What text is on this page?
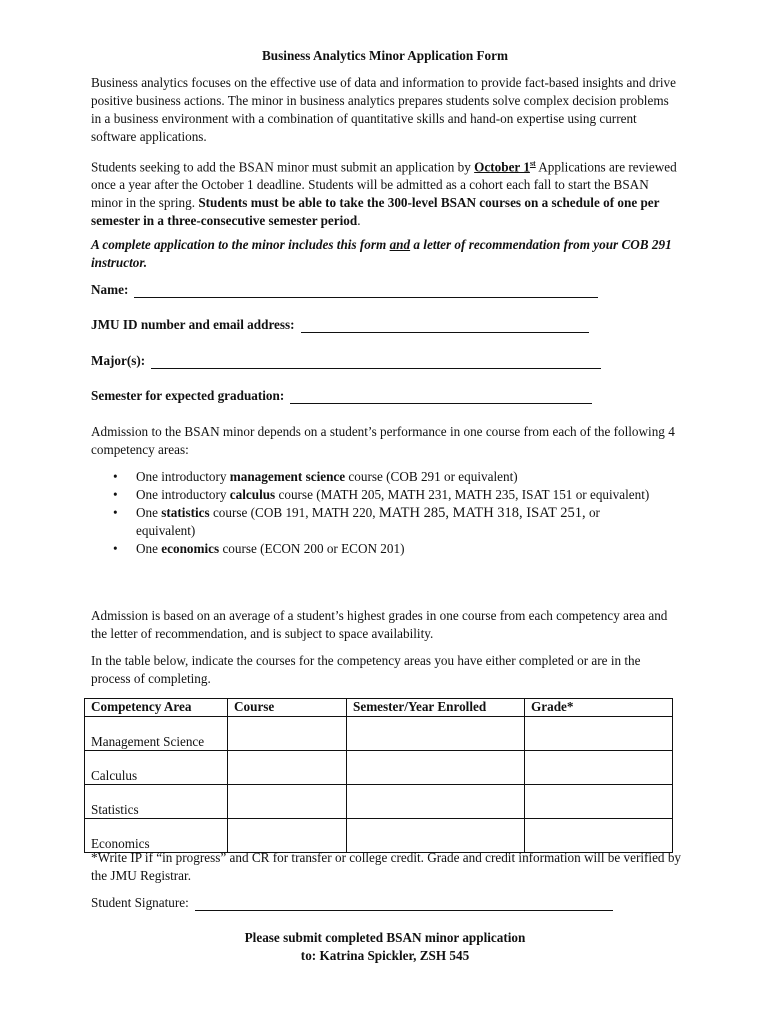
Business Analytics Minor Application Form
Business analytics focuses on the effective use of data and information to provide fact-based insights and drive positive business actions. The minor in business analytics prepares students solve complex decision problems in a business environment with a combination of quantitative skills and hand-on expertise using current software applications.
Students seeking to add the BSAN minor must submit an application by October 1st Applications are reviewed once a year after the October 1 deadline. Students will be admitted as a cohort each fall to start the BSAN minor in the spring. Students must be able to take the 300-level BSAN courses on a schedule of one per semester in a three-consecutive semester period.
A complete application to the minor includes this form and a letter of recommendation from your COB 291 instructor.
Name:
JMU ID number and email address:
Major(s):
Semester for expected graduation:
Admission to the BSAN minor depends on a student’s performance in one course from each of the following 4 competency areas:
• One introductory management science course (COB 291 or equivalent)
• One introductory calculus course (MATH 205, MATH 231, MATH 235, ISAT 151 or equivalent)
• One statistics course (COB 191, MATH 220, MATH 285, MATH 318, ISAT 251, or equivalent)
• One economics course (ECON 200 or ECON 201)
Admission is based on an average of a student’s highest grades in one course from each competency area and the letter of recommendation, and is subject to space availability.
In the table below, indicate the courses for the competency areas you have either completed or are in the process of completing.
Competency Area	Course	Semester/Year Enrolled	Grade*
Management Science			
Calculus			
Statistics			
Economics			
*Write IP if “in progress” and CR for transfer or college credit. Grade and credit information will be verified by the JMU Registrar.
Student Signature:
Please submit completed BSAN minor application
to: Katrina Spickler, ZSH 545
